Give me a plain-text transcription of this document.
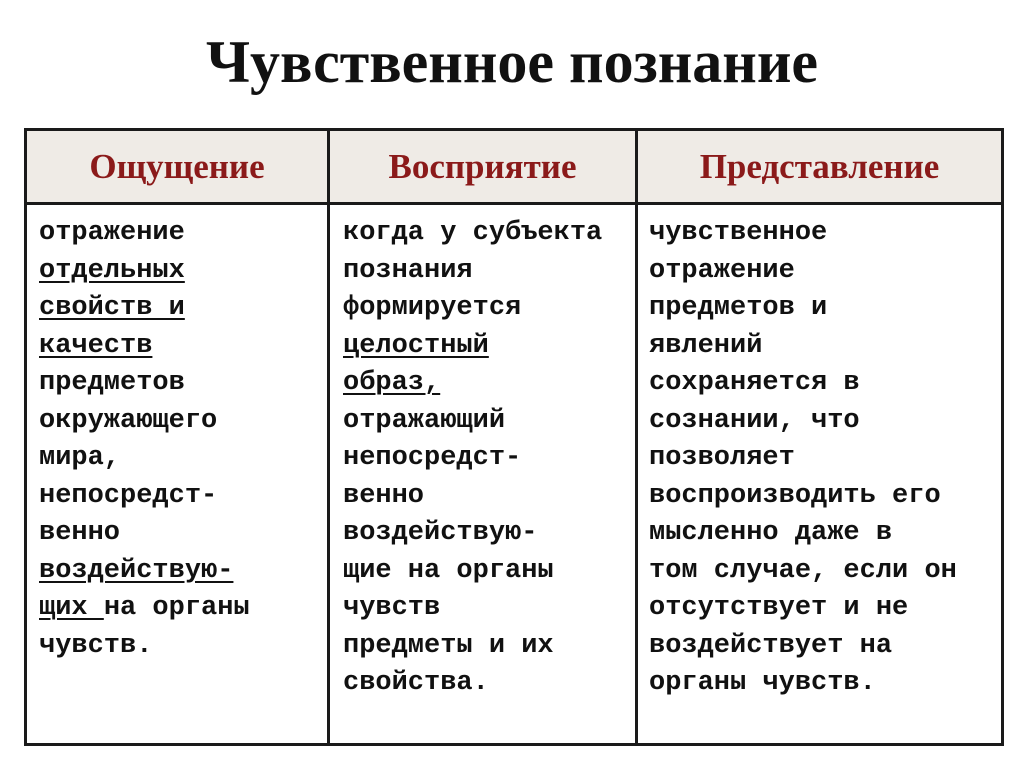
Чувственное познание
Ощущение	Восприятие	Представление
отражение
отдельных
свойств и
качеств
предметов
окружающего
мира,
непосредст-
венно
воздействую-
щих на органы
чувств.
когда у субъекта
познания
формируется
целостный
образ,
отражающий
непосредст-
венно
воздействую-
щие на органы
чувств
предметы и их
свойства.
чувственное
отражение
предметов и
явлений
сохраняется в
сознании, что
позволяет
воспроизводить его
мысленно даже в
том случае, если он
отсутствует и не
воздействует на
органы чувств.
